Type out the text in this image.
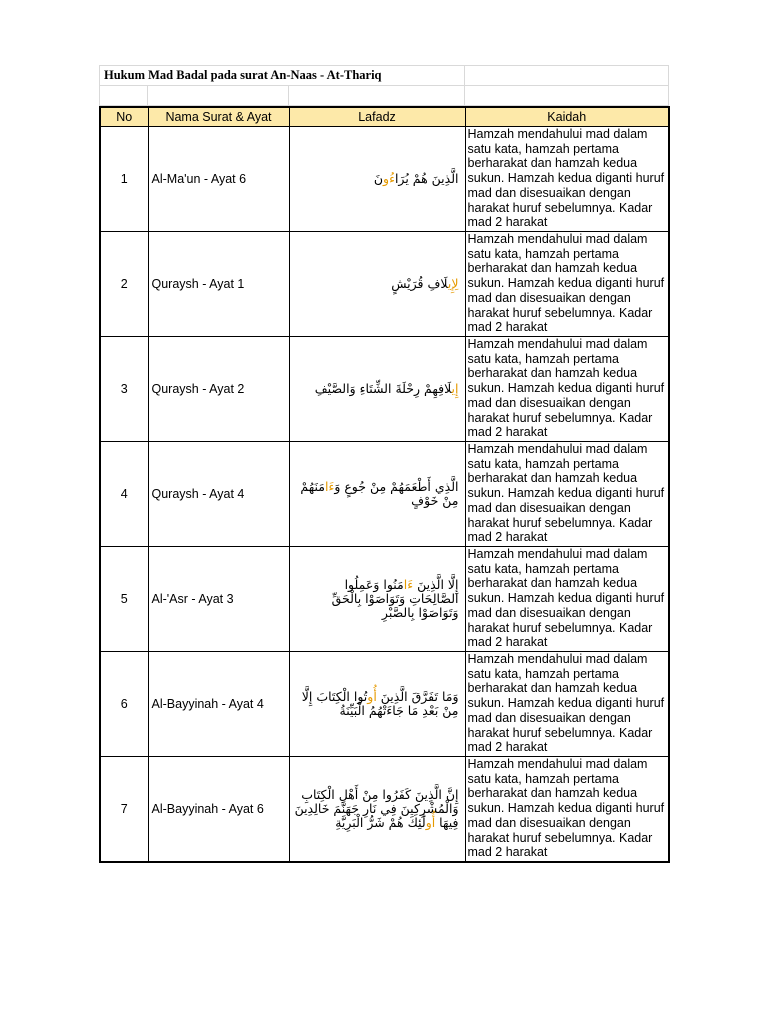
Hukum Mad Badal pada surat An-Naas - At-Thariq			

No	Nama Surat & Ayat	Lafadz	Kaidah
1	Al-Ma'un - Ayat 6	الَّذِينَ هُمْ يُرَاءُونَ	Hamzah mendahului mad dalam satu kata, hamzah pertama berharakat dan hamzah kedua sukun. Hamzah kedua diganti huruf mad dan disesuaikan dengan harakat huruf sebelumnya. Kadar mad 2 harakat
2	Quraysh - Ayat 1	لِإِيلَافِ قُرَيْشٍ	Hamzah mendahului mad dalam satu kata, hamzah pertama berharakat dan hamzah kedua sukun. Hamzah kedua diganti huruf mad dan disesuaikan dengan harakat huruf sebelumnya. Kadar mad 2 harakat
3	Quraysh - Ayat 2	إِيلَافِهِمْ رِحْلَةَ الشِّتَاءِ وَالصَّيْفِ	Hamzah mendahului mad dalam satu kata, hamzah pertama berharakat dan hamzah kedua sukun. Hamzah kedua diganti huruf mad dan disesuaikan dengan harakat huruf sebelumnya. Kadar mad 2 harakat
4	Quraysh - Ayat 4	الَّذِي أَطْعَمَهُمْ مِنْ جُوعٍ وَءَامَنَهُمْ مِنْ خَوْفٍ	Hamzah mendahului mad dalam satu kata, hamzah pertama berharakat dan hamzah kedua sukun. Hamzah kedua diganti huruf mad dan disesuaikan dengan harakat huruf sebelumnya. Kadar mad 2 harakat
5	Al-'Asr - Ayat 3	إِلَّا الَّذِينَ ءَامَنُوا وَعَمِلُوا الصَّالِحَاتِ وَتَوَاصَوْا بِالْحَقِّ وَتَوَاصَوْا بِالصَّبْرِ	Hamzah mendahului mad dalam satu kata, hamzah pertama berharakat dan hamzah kedua sukun. Hamzah kedua diganti huruf mad dan disesuaikan dengan harakat huruf sebelumnya. Kadar mad 2 harakat
6	Al-Bayyinah - Ayat 4	وَمَا تَفَرَّقَ الَّذِينَ أُوتُوا الْكِتَابَ إِلَّا مِنْ بَعْدِ مَا جَاءَتْهُمُ الْبَيِّنَةُ	Hamzah mendahului mad dalam satu kata, hamzah pertama berharakat dan hamzah kedua sukun. Hamzah kedua diganti huruf mad dan disesuaikan dengan harakat huruf sebelumnya. Kadar mad 2 harakat
7	Al-Bayyinah - Ayat 6	إِنَّ الَّذِينَ كَفَرُوا مِنْ أَهْلِ الْكِتَابِ وَالْمُشْرِكِينَ فِي نَارِ جَهَنَّمَ خَالِدِينَ فِيهَا أُولَٰئِكَ هُمْ شَرُّ الْبَرِيَّةِ	Hamzah mendahului mad dalam satu kata, hamzah pertama berharakat dan hamzah kedua sukun. Hamzah kedua diganti huruf mad dan disesuaikan dengan harakat huruf sebelumnya. Kadar mad 2 harakat
